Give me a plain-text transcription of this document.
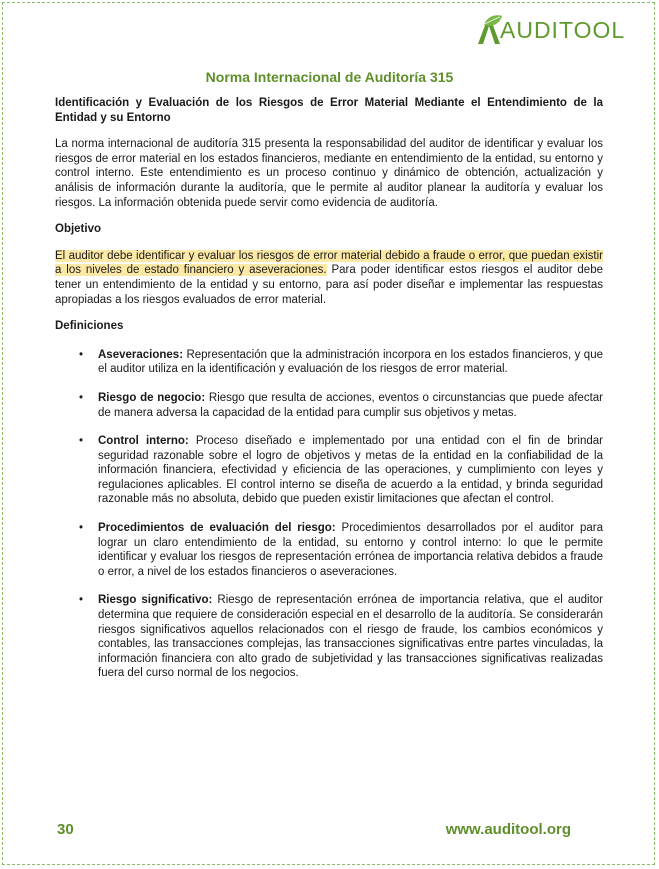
AUDITOOL
Norma Internacional de Auditoría 315

Identificación y Evaluación de los Riesgos de Error Material Mediante el Entendimiento de la Entidad y su Entorno

La norma internacional de auditoría 315 presenta la responsabilidad del auditor de identificar y evaluar los riesgos de error material en los estados financieros, mediante en entendimiento de la entidad, su entorno y control interno. Este entendimiento es un proceso continuo y dinámico de obtención, actualización y análisis de información durante la auditoría, que le permite al auditor planear la auditoría y evaluar los riesgos. La información obtenida puede servir como evidencia de auditoría.

Objetivo

El auditor debe identificar y evaluar los riesgos de error material debido a fraude o error, que puedan existir a los niveles de estado financiero y aseveraciones. Para poder identificar estos riesgos el auditor debe tener un entendimiento de la entidad y su entorno, para así poder diseñar e implementar las respuestas apropiadas a los riesgos evaluados de error material.

Definiciones

• Aseveraciones: Representación que la administración incorpora en los estados financieros, y que el auditor utiliza en la identificación y evaluación de los riesgos de error material.
• Riesgo de negocio: Riesgo que resulta de acciones, eventos o circunstancias que puede afectar de manera adversa la capacidad de la entidad para cumplir sus objetivos y metas.
• Control interno: Proceso diseñado e implementado por una entidad con el fin de brindar seguridad razonable sobre el logro de objetivos y metas de la entidad en la confiabilidad de la información financiera, efectividad y eficiencia de las operaciones, y cumplimiento con leyes y regulaciones aplicables. El control interno se diseña de acuerdo a la entidad, y brinda seguridad razonable más no absoluta, debido que pueden existir limitaciones que afectan el control.
• Procedimientos de evaluación del riesgo: Procedimientos desarrollados por el auditor para lograr un claro entendimiento de la entidad, su entorno y control interno: lo que le permite identificar y evaluar los riesgos de representación errónea de importancia relativa debidos a fraude o error, a nivel de los estados financieros o aseveraciones.
• Riesgo significativo: Riesgo de representación errónea de importancia relativa, que el auditor determina que requiere de consideración especial en el desarrollo de la auditoría. Se considerarán riesgos significativos aquellos relacionados con el riesgo de fraude, los cambios económicos y contables, las transacciones complejas, las transacciones significativas entre partes vinculadas, la información financiera con alto grado de subjetividad y las transacciones significativas realizadas fuera del curso normal de los negocios.
30	www.auditool.org
